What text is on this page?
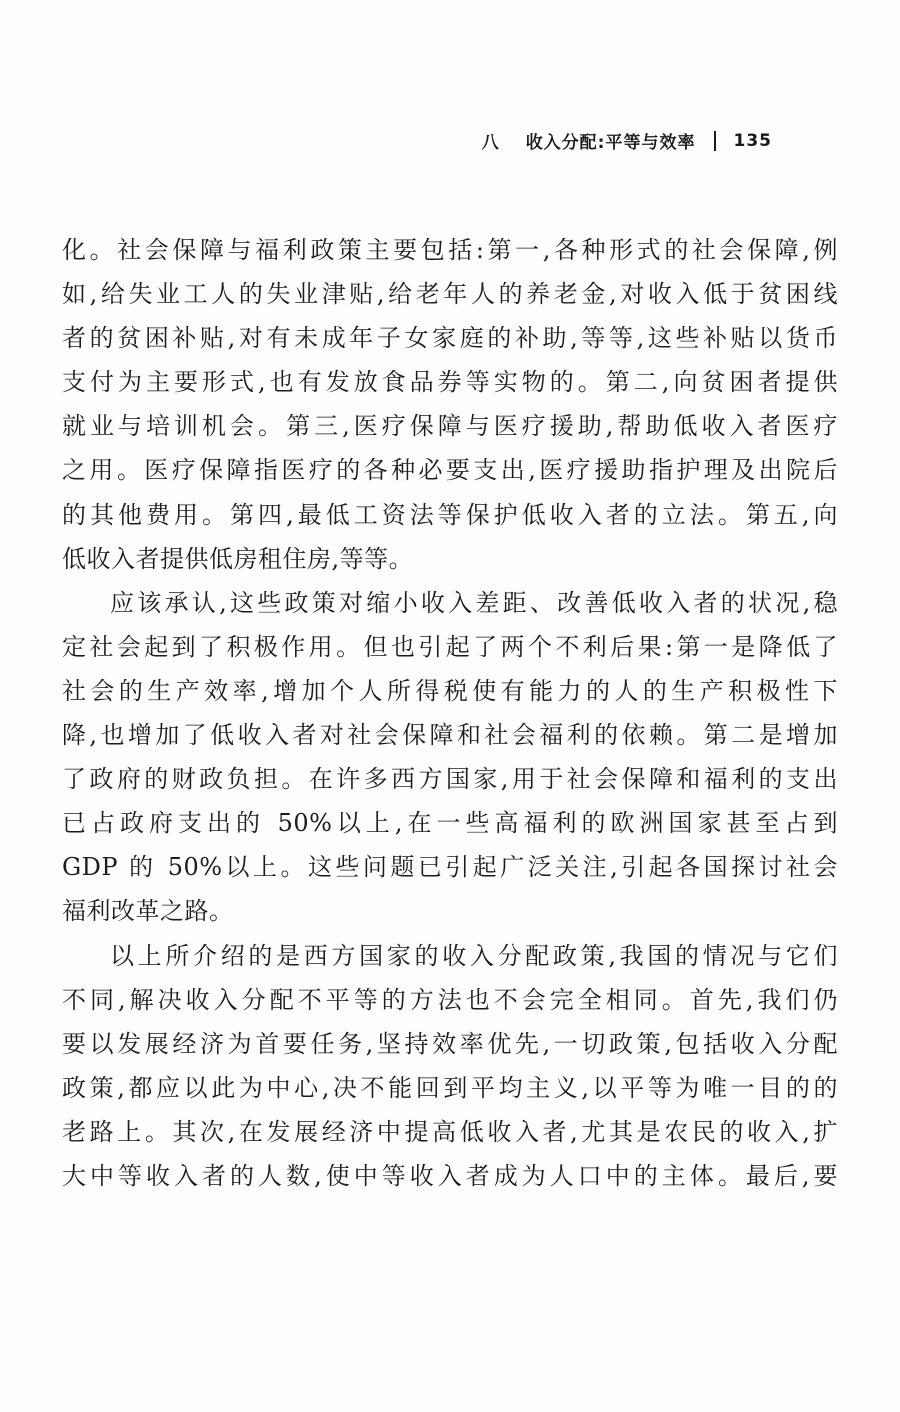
八 收入分配:平等与效率 135
化。社会保障与福利政策主要包括:第一,各种形式的社会保障,例
如,给失业工人的失业津贴,给老年人的养老金,对收入低于贫困线
者的贫困补贴,对有未成年子女家庭的补助,等等,这些补贴以货币
支付为主要形式,也有发放食品券等实物的。第二,向贫困者提供
就业与培训机会。第三,医疗保障与医疗援助,帮助低收入者医疗
之用。医疗保障指医疗的各种必要支出,医疗援助指护理及出院后
的其他费用。第四,最低工资法等保护低收入者的立法。第五,向
低收入者提供低房租住房,等等。
应该承认,这些政策对缩小收入差距、改善低收入者的状况,稳
定社会起到了积极作用。但也引起了两个不利后果:第一是降低了
社会的生产效率,增加个人所得税使有能力的人的生产积极性下
降,也增加了低收入者对社会保障和社会福利的依赖。第二是增加
了政府的财政负担。在许多西方国家,用于社会保障和福利的支出
已占政府支出的 50%以上,在一些高福利的欧洲国家甚至占到
GDP 的 50%以上。这些问题已引起广泛关注,引起各国探讨社会
福利改革之路。
以上所介绍的是西方国家的收入分配政策,我国的情况与它们
不同,解决收入分配不平等的方法也不会完全相同。首先,我们仍
要以发展经济为首要任务,坚持效率优先,一切政策,包括收入分配
政策,都应以此为中心,决不能回到平均主义,以平等为唯一目的的
老路上。其次,在发展经济中提高低收入者,尤其是农民的收入,扩
大中等收入者的人数,使中等收入者成为人口中的主体。最后,要
